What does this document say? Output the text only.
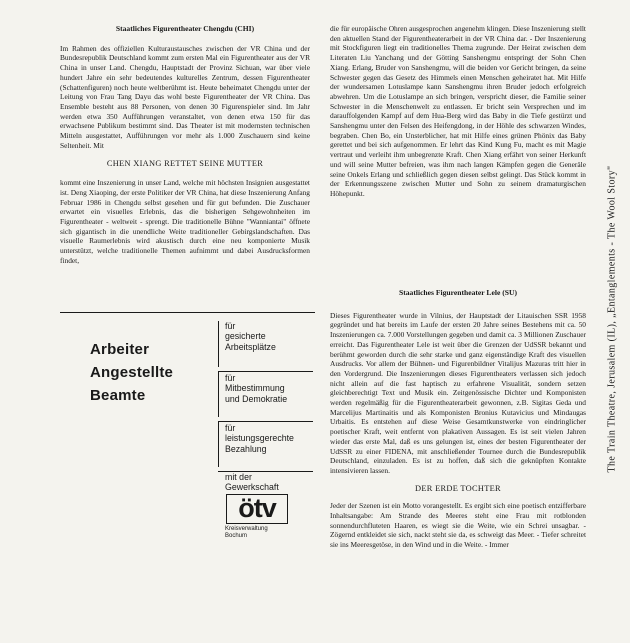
Staatliches Figurentheater Chengdu (CHI)

Im Rahmen des offiziellen Kulturaustausches zwischen der VR China und der Bundesrepublik Deutschland kommt zum ersten Mal ein Figurentheater aus der VR China in unser Land. Chengdu, Hauptstadt der Provinz Sichuan, war über viele hundert Jahre ein sehr bedeutendes kulturelles Zentrum, dessen Figurentheater (Schattenfiguren) noch heute weltberühmt ist. Heute beheimatet Chengdu unter der Leitung von Frau Tang Dayu das wohl beste Figurentheater der VR China. Das Ensemble besteht aus 88 Personen, von denen 30 Figurenspieler sind. Im Jahr werden etwa 350 Aufführungen veranstaltet, von denen etwa 150 für das erwachsene Publikum bestimmt sind. Das Theater ist mit modernsten technischen Mitteln ausgestattet, Aufführungen vor mehr als 1.000 Zuschauern sind keine Seltenheit. Mit

CHEN XIANG RETTET SEINE MUTTER

kommt eine Inszenierung in unser Land, welche mit höchsten Insignien ausgestattet ist. Deng Xiaoping, der erste Politiker der VR China, hat diese Inszenierung Anfang Februar 1986 in Chengdu selbst gesehen und für gut befunden. Die Zuschauer erwartet ein visuelles Erlebnis, das die bisherigen Sehgewohnheiten im Figurentheater - weltweit - sprengt. Die traditionelle Bühne "Wanniantai" öffnete sich gigantisch in die unendliche Weite traditioneller Gebirgslandschaften. Das visuelle Raumerlebnis wird akustisch durch eine neu komponierte Musik unterstützt, welche traditionelle Themen aufnimmt und dabei Ausdrucksformen findet,

die für europäische Ohren ausgesprochen angenehm klingen. Diese Inszenierung stellt den aktuellen Stand der Figurentheaterarbeit in der VR China dar. - Der Inszenierung mit Stockfiguren liegt ein traditionelles Thema zugrunde. Der Heirat zwischen dem Literaten Liu Yanchang und der Götting Sanshengmu entspringt der Sohn Chen Xiang. Erlang, Bruder von Sanshengmu, will die beiden vor Gericht bringen, da seine Schwester gegen das Gesetz des Himmels einen Menschen geheiratet hat. Mit Hilfe der wundersamen Lotuslampe kann Sanshengmu ihren Bruder jedoch erfolgreich abwehren. Um die Lotuslampe an sich bringen, verspricht dieser, die Familie seiner Schwester in die Menschenwelt zu entlassen. Er bricht sein Versprechen und im darauffolgenden Kampf auf dem Hua-Berg wird das Baby in die Tiefe gestürzt und Sanshengmu unter den Felsen des Heifengdong, in der Höhle des schwarzen Windes, begraben. Chen Bo, ein Unsterblicher, hat mit Hilfe eines grünen Phönix das Baby gerettet und bei sich aufgenommen. Er lehrt das Kind Kung Fu, macht es mit Magie vertraut und verleiht ihm unbegrenzte Kraft. Chen Xiang erfährt von seiner Herkunft und will seine Mutter befreien, was ihm nach langen Kämpfen gegen die Generäle seine Onkels Erlang und schließlich gegen diesen selbst gelingt. Das Stück kommt in der Erkennungsszene zwischen Mutter und Sohn zu seinem dramaturgischen Höhepunkt.

Staatliches Figurentheater Lele (SU)

Dieses Figurentheater wurde in Vilnius, der Hauptstadt der Litauischen SSR 1958 gegründet und hat bereits im Laufe der ersten 20 Jahre seines Bestehens mit ca. 50 Inszenierungen ca. 7.000 Vorstellungen gegeben und damit ca. 3 Millionen Zuschauer erreicht. Das Figurentheater Lele ist weit über die Grenzen der UdSSR bekannt und berühmt geworden durch die sehr starke und ganz eigenständige Kraft des visuellen Ausdrucks. Vor allem der Bühnen- und Figurenbildner Vitalijus Mazuras tritt hier in den Vordergrund. Die Inszenierungen dieses Figurentheaters verlassen sich jedoch nicht allein auf die fast haptisch zu erfahrene Visualität, sondern setzen gleichberechtigt Text und Musik ein. Zeitgenössische Dichter und Komponisten werden regelmäßig für die Figurentheaterarbeit gewonnen, z.B. Sigitas Geda und Marcelijus Martinaitis und als Komponisten Bronius Kutavicius und Mindaugas Urbaitis. Es entstehen auf diese Weise Gesamtkunstwerke von eindringlicher poetischer Kraft, weit entfernt von plakativen Aussagen. Es ist seit vielen Jahren wieder das erste Mal, daß es uns gelungen ist, eines der besten Figurentheater der UdSSR zu einer FIDENA, mit anschließender Tournee durch die Bundesrepublik Deutschland, einzuladen. Es ist zu hoffen, daß sich die geknüpften Kontakte intensivieren lassen.

DER ERDE TOCHTER

Jeder der Szenen ist ein Motto vorangestellt. Es ergibt sich eine poetisch entzifferbare Inhaltsangabe: Am Strande des Meeres steht eine Frau mit rotblonden sonnendurchfluteten Haaren, es wiegt sie die Weite, wie ein Schrei unsagbar. - Zögernd entkleidet sie sich, nackt steht sie da, es schweigt das Meer. - Tiefer schreitet sie ins Meeresgetöse, in den Wind und in die Weite. - Immer

Arbeiter
Angestellte
Beamte
für
gesicherte
Arbeitsplätze
für
Mitbestimmung
und Demokratie
für
leistungsgerechte
Bezahlung
mit der
Gewerkschaft
ötv
Kreisverwaltung
Bochum
The Train Theatre, Jerusalem (IL), „Entanglements - The Wool Story"
